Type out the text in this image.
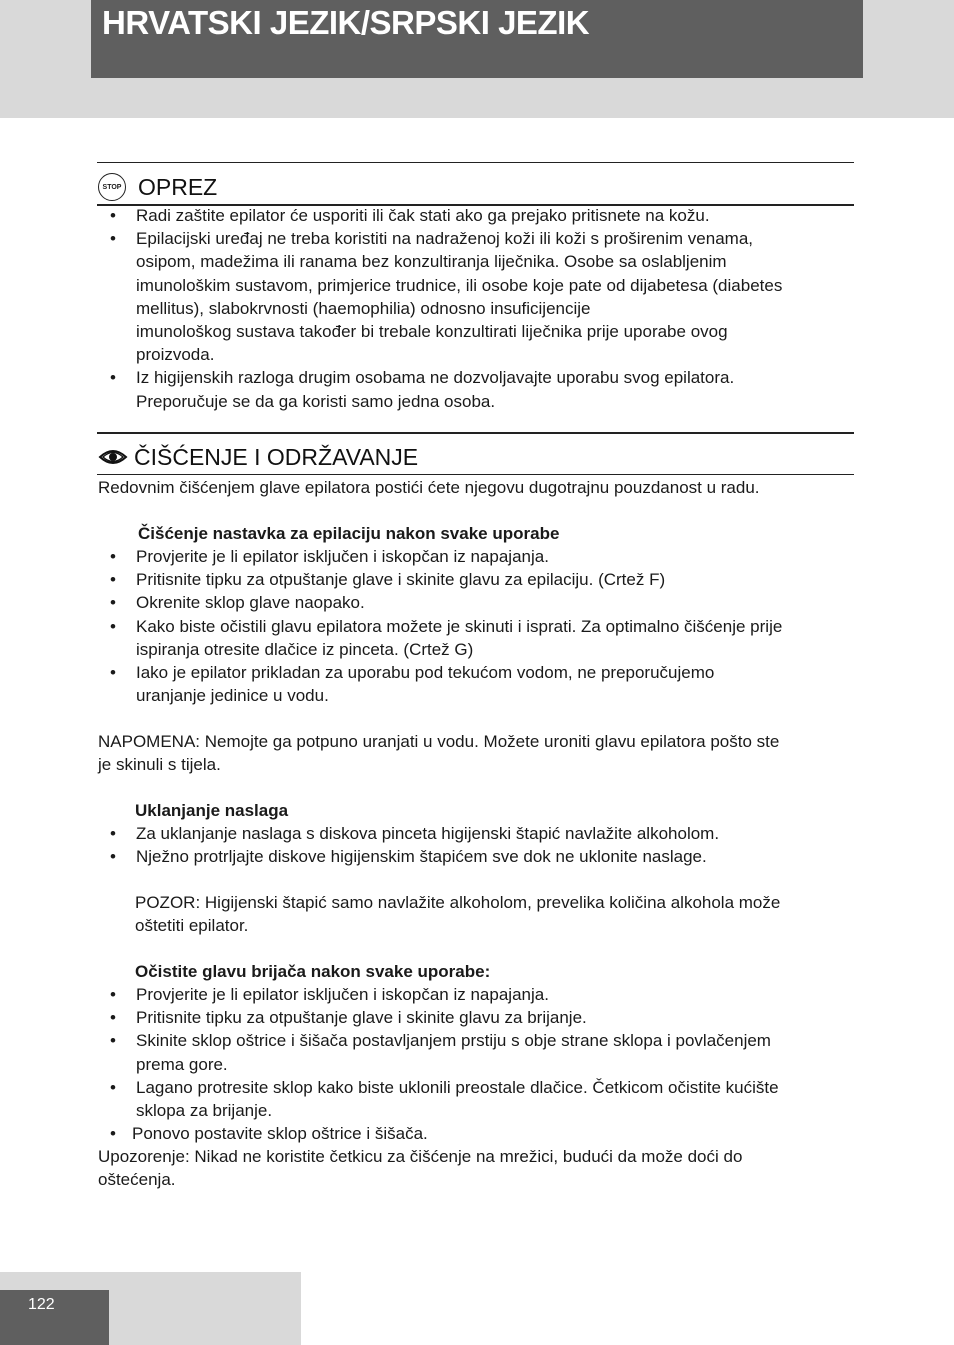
HRVATSKI JEZIK/SRPSKI JEZIK
STOP OPREZ
• Radi zaštite epilator će usporiti ili čak stati ako ga prejako pritisnete na kožu.
• Epilacijski uređaj ne treba koristiti na nadraženoj koži ili koži s proširenim venama,
osipom, madežima ili ranama bez konzultiranja liječnika. Osobe sa oslabljenim
imunološkim sustavom, primjerice trudnice, ili osobe koje pate od dijabetesa (diabetes
mellitus), slabokrvnosti (haemophilia) odnosno insuficijencije
imunološkog sustava također bi trebale konzultirati liječnika prije uporabe ovog
proizvoda.
• Iz higijenskih razloga drugim osobama ne dozvoljavajte uporabu svog epilatora.
Preporučuje se da ga koristi samo jedna osoba.
ČIŠĆENJE I ODRŽAVANJE
Redovnim čišćenjem glave epilatora postići ćete njegovu dugotrajnu pouzdanost u radu.
Čišćenje nastavka za epilaciju nakon svake uporabe
• Provjerite je li epilator isključen i iskopčan iz napajanja.
• Pritisnite tipku za otpuštanje glave i skinite glavu za epilaciju. (Crtež F)
• Okrenite sklop glave naopako.
• Kako biste očistili glavu epilatora možete je skinuti i isprati. Za optimalno čišćenje prije
ispiranja otresite dlačice iz pinceta. (Crtež G)
• Iako je epilator prikladan za uporabu pod tekućom vodom, ne preporučujemo
uranjanje jedinice u vodu.
NAPOMENA: Nemojte ga potpuno uranjati u vodu. Možete uroniti glavu epilatora pošto ste
je skinuli s tijela.
Uklanjanje naslaga
• Za uklanjanje naslaga s diskova pinceta higijenski štapić navlažite alkoholom.
• Nježno protrljajte diskove higijenskim štapićem sve dok ne uklonite naslage.
POZOR: Higijenski štapić samo navlažite alkoholom, prevelika količina alkohola može
oštetiti epilator.
Očistite glavu brijača nakon svake uporabe:
• Provjerite je li epilator isključen i iskopčan iz napajanja.
• Pritisnite tipku za otpuštanje glave i skinite glavu za brijanje.
• Skinite sklop oštrice i šišača postavljanjem prstiju s obje strane sklopa i povlačenjem
prema gore.
• Lagano protresite sklop kako biste uklonili preostale dlačice. Četkicom očistite kućište
sklopa za brijanje.
• Ponovo postavite sklop oštrice i šišača.
Upozorenje: Nikad ne koristite četkicu za čišćenje na mrežici, budući da može doći do
oštećenja.
122
